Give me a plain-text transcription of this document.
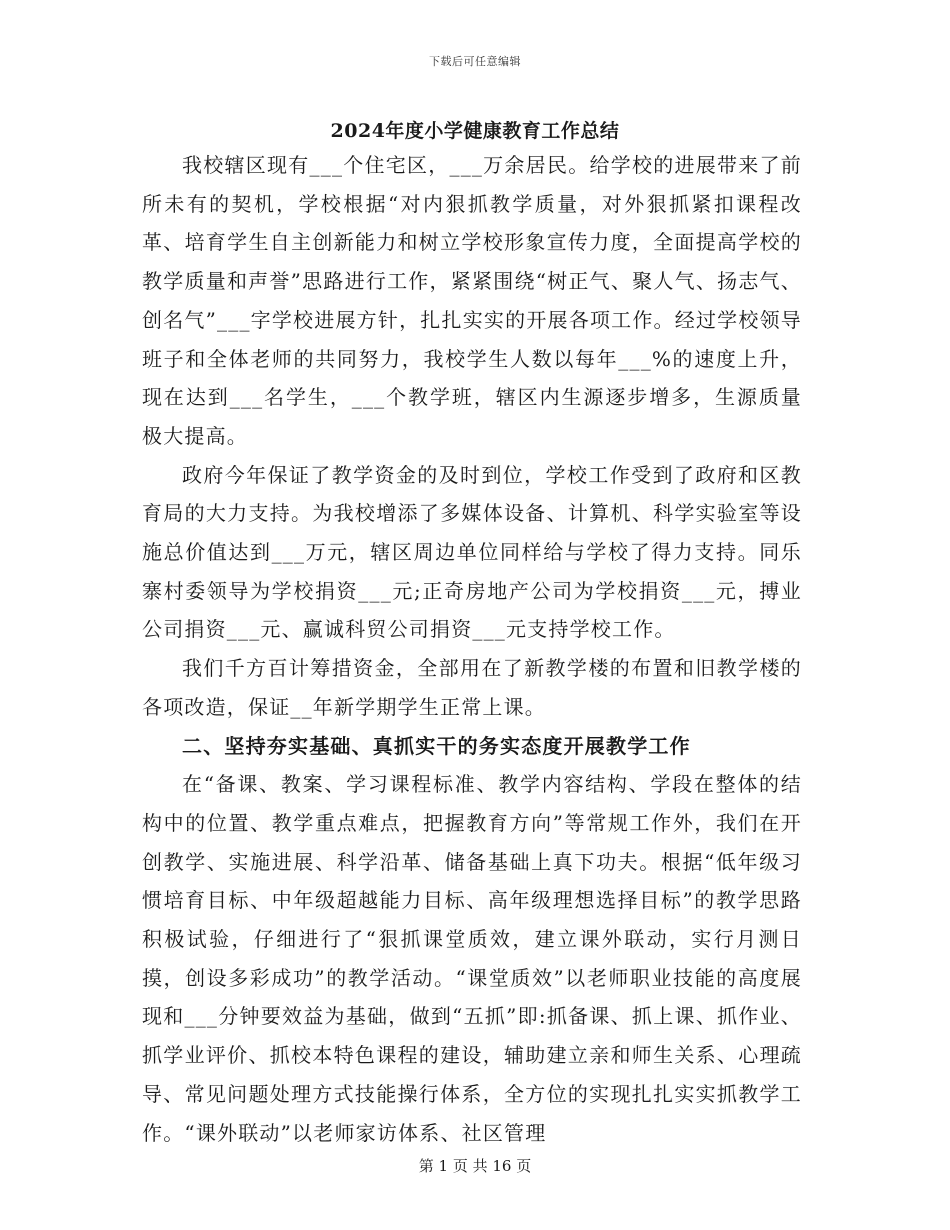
下载后可任意编辑
2024年度小学健康教育工作总结

我校辖区现有___个住宅区，___万余居民。给学校的进展带来了前所未有的契机，学校根据“对内狠抓教学质量，对外狠抓紧扣课程改革、培育学生自主创新能力和树立学校形象宣传力度，全面提高学校的教学质量和声誉”思路进行工作，紧紧围绕“树正气、聚人气、扬志气、创名气”___字学校进展方针，扎扎实实的开展各项工作。经过学校领导班子和全体老师的共同努力，我校学生人数以每年___%的速度上升，现在达到___名学生，___个教学班，辖区内生源逐步增多，生源质量极大提高。

政府今年保证了教学资金的及时到位，学校工作受到了政府和区教育局的大力支持。为我校增添了多媒体设备、计算机、科学实验室等设施总价值达到___万元，辖区周边单位同样给与学校了得力支持。同乐寨村委领导为学校捐资___元;正奇房地产公司为学校捐资___元，搏业公司捐资___元、赢诚科贸公司捐资___元支持学校工作。

我们千方百计筹措资金，全部用在了新教学楼的布置和旧教学楼的各项改造，保证__年新学期学生正常上课。

二、坚持夯实基础、真抓实干的务实态度开展教学工作

在“备课、教案、学习课程标准、教学内容结构、学段在整体的结构中的位置、教学重点难点，把握教育方向”等常规工作外，我们在开创教学、实施进展、科学沿革、储备基础上真下功夫。根据“低年级习惯培育目标、中年级超越能力目标、高年级理想选择目标”的教学思路积极试验，仔细进行了“狠抓课堂质效，建立课外联动，实行月测日摸，创设多彩成功”的教学活动。“课堂质效”以老师职业技能的高度展现和___分钟要效益为基础，做到“五抓”即:抓备课、抓上课、抓作业、抓学业评价、抓校本特色课程的建设，辅助建立亲和师生关系、心理疏导、常见问题处理方式技能操行体系，全方位的实现扎扎实实抓教学工作。“课外联动”以老师家访体系、社区管理

第 1 页 共 16 页
